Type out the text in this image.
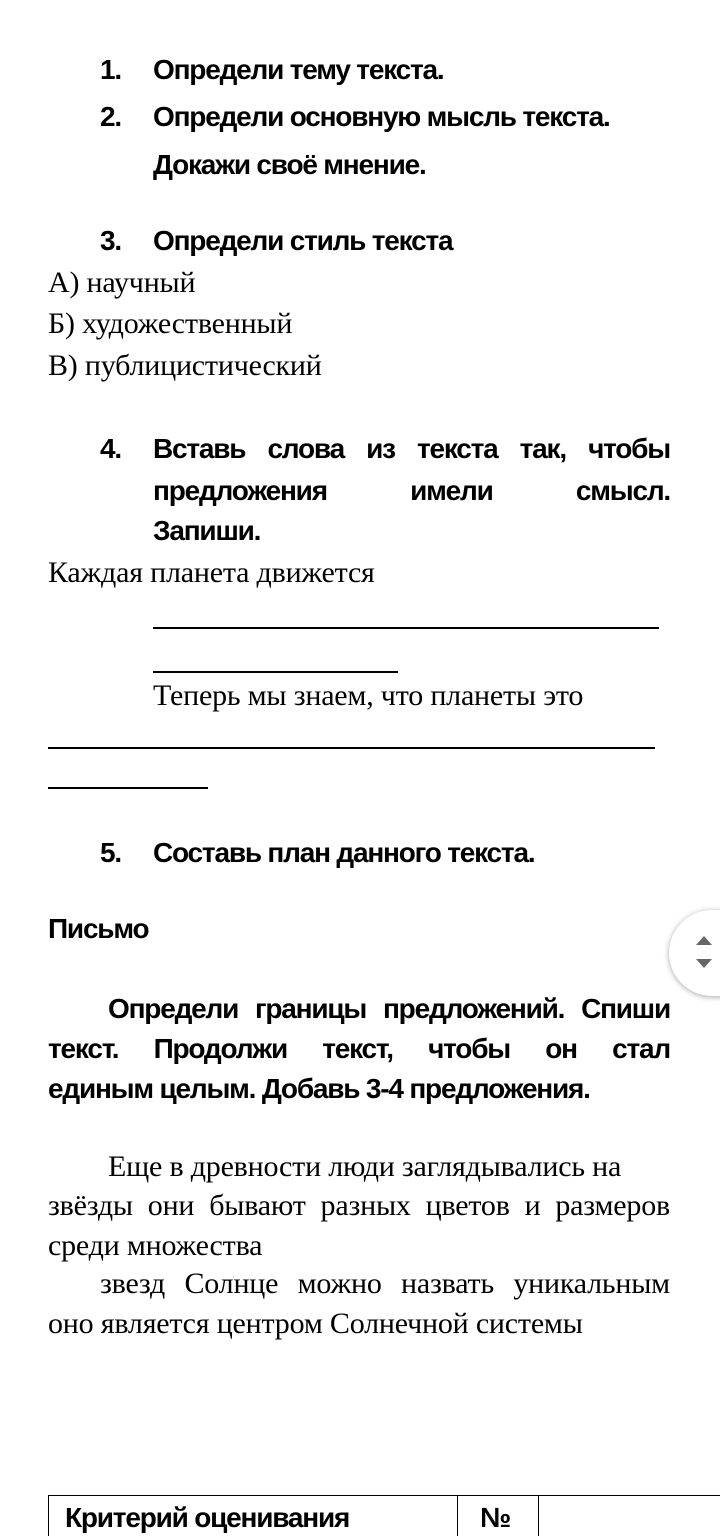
1. Определи тему текста.
2. Определи основную мысль текста.
Докажи своё мнение.
3. Определи стиль текста
А) научный
Б) художественный
В) публицистический
4. Вставь слова из текста так, чтобы
предложения	имели	смысл.
Запиши.
Каждая планета движется
Теперь мы знаем, что планеты это
5. Составь план данного текста.
Письмо
Определи границы предложений. Спиши
текст. Продолжи текст, чтобы он стал
единым целым. Добавь 3-4 предложения.
Еще в древности люди заглядывались на
звёзды они бывают разных цветов и размеров
среди множества
звезд Солнце можно назвать уникальным
оно является центром Солнечной системы
Критерий оценивания	№
